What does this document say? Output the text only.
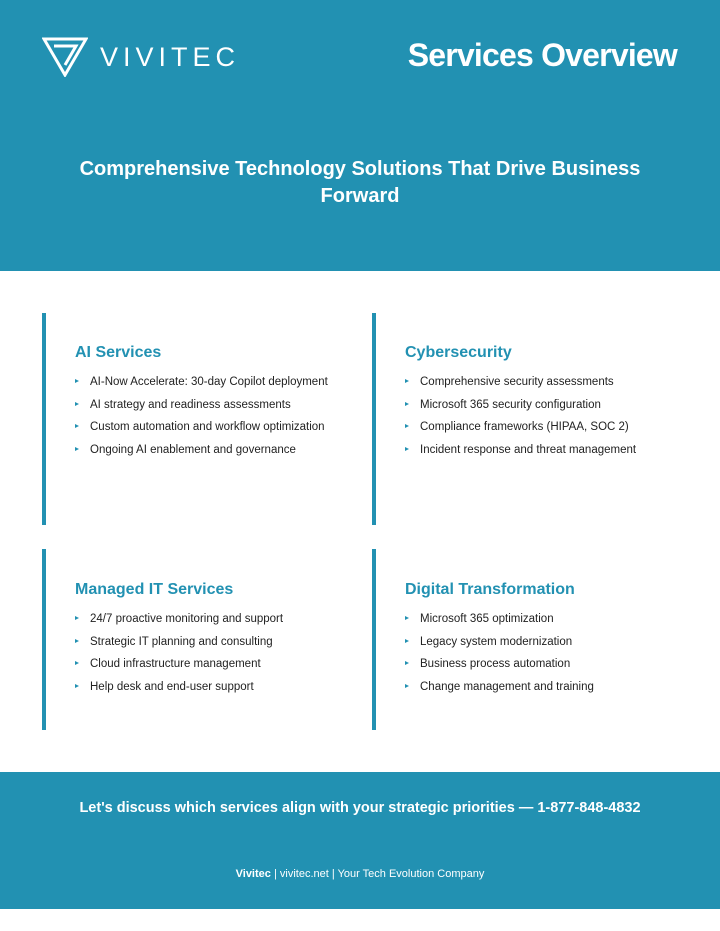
VIVITEC	Services Overview
Comprehensive Technology Solutions That Drive Business Forward
AI Services
AI-Now Accelerate: 30-day Copilot deployment
AI strategy and readiness assessments
Custom automation and workflow optimization
Ongoing AI enablement and governance
Cybersecurity
Comprehensive security assessments
Microsoft 365 security configuration
Compliance frameworks (HIPAA, SOC 2)
Incident response and threat management
Managed IT Services
24/7 proactive monitoring and support
Strategic IT planning and consulting
Cloud infrastructure management
Help desk and end-user support
Digital Transformation
Microsoft 365 optimization
Legacy system modernization
Business process automation
Change management and training
Let's discuss which services align with your strategic priorities — 1-877-848-4832
Vivitec | vivitec.net | Your Tech Evolution Company
